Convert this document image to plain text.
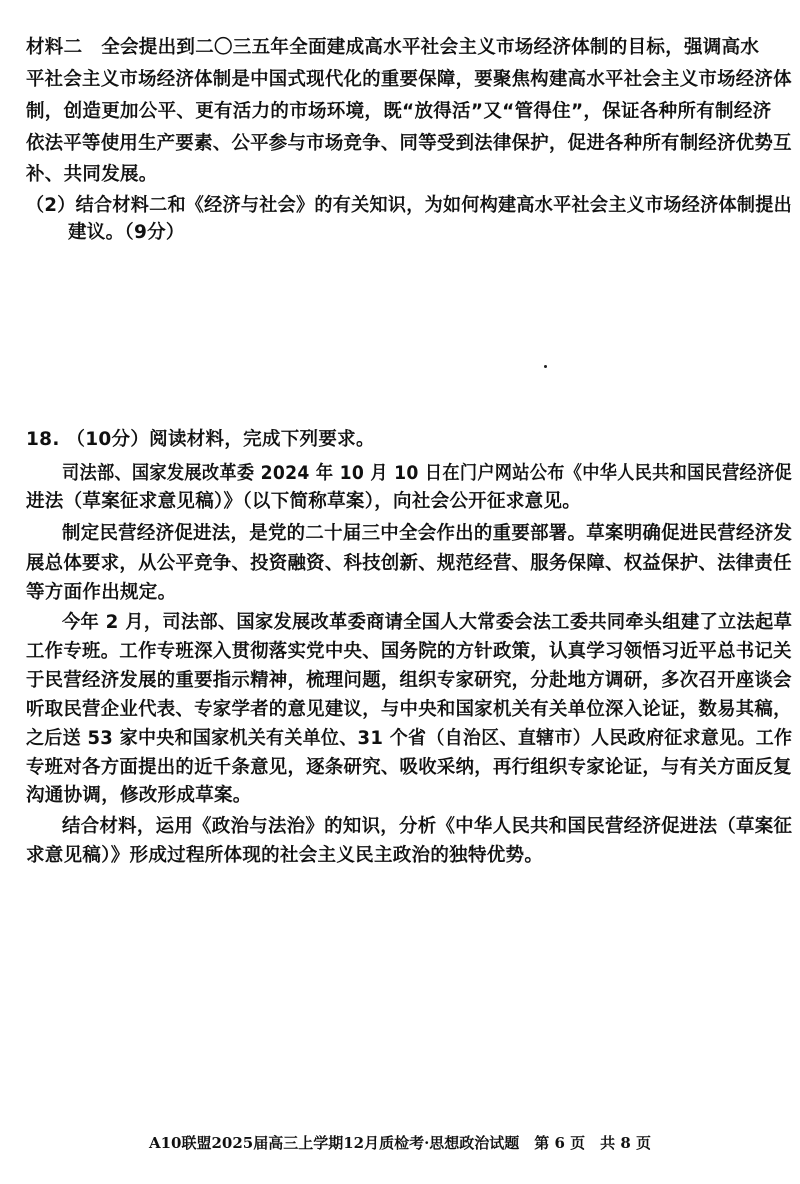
材料二　全会提出到二〇三五年全面建成高水平社会主义市场经济体制的目标，强调高水
平社会主义市场经济体制是中国式现代化的重要保障，要聚焦构建高水平社会主义市场经济体
制，创造更加公平、更有活力的市场环境，既“放得活”又“管得住”，保证各种所有制经济
依法平等使用生产要素、公平参与市场竞争、同等受到法律保护，促进各种所有制经济优势互
补、共同发展。
（2）结合材料二和《经济与社会》的有关知识，为如何构建高水平社会主义市场经济体制提出
建议。（9分）
18. （10分）阅读材料，完成下列要求。
司法部、国家发展改革委 2024 年 10 月 10 日在门户网站公布《中华人民共和国民营经济促
进法（草案征求意见稿）》（以下简称草案），向社会公开征求意见。
制定民营经济促进法，是党的二十届三中全会作出的重要部署。草案明确促进民营经济发
展总体要求，从公平竞争、投资融资、科技创新、规范经营、服务保障、权益保护、法律责任
等方面作出规定。
今年 2 月，司法部、国家发展改革委商请全国人大常委会法工委共同牵头组建了立法起草
工作专班。工作专班深入贯彻落实党中央、国务院的方针政策，认真学习领悟习近平总书记关
于民营经济发展的重要指示精神，梳理问题，组织专家研究，分赴地方调研，多次召开座谈会
听取民营企业代表、专家学者的意见建议，与中央和国家机关有关单位深入论证，数易其稿，
之后送 53 家中央和国家机关有关单位、31 个省（自治区、直辖市）人民政府征求意见。工作
专班对各方面提出的近千条意见，逐条研究、吸收采纳，再行组织专家论证，与有关方面反复
沟通协调，修改形成草案。
结合材料，运用《政治与法治》的知识，分析《中华人民共和国民营经济促进法（草案征
求意见稿）》形成过程所体现的社会主义民主政治的独特优势。
A10联盟2025届高三上学期12月质检考·思想政治试题　第 6 页　共 8 页
